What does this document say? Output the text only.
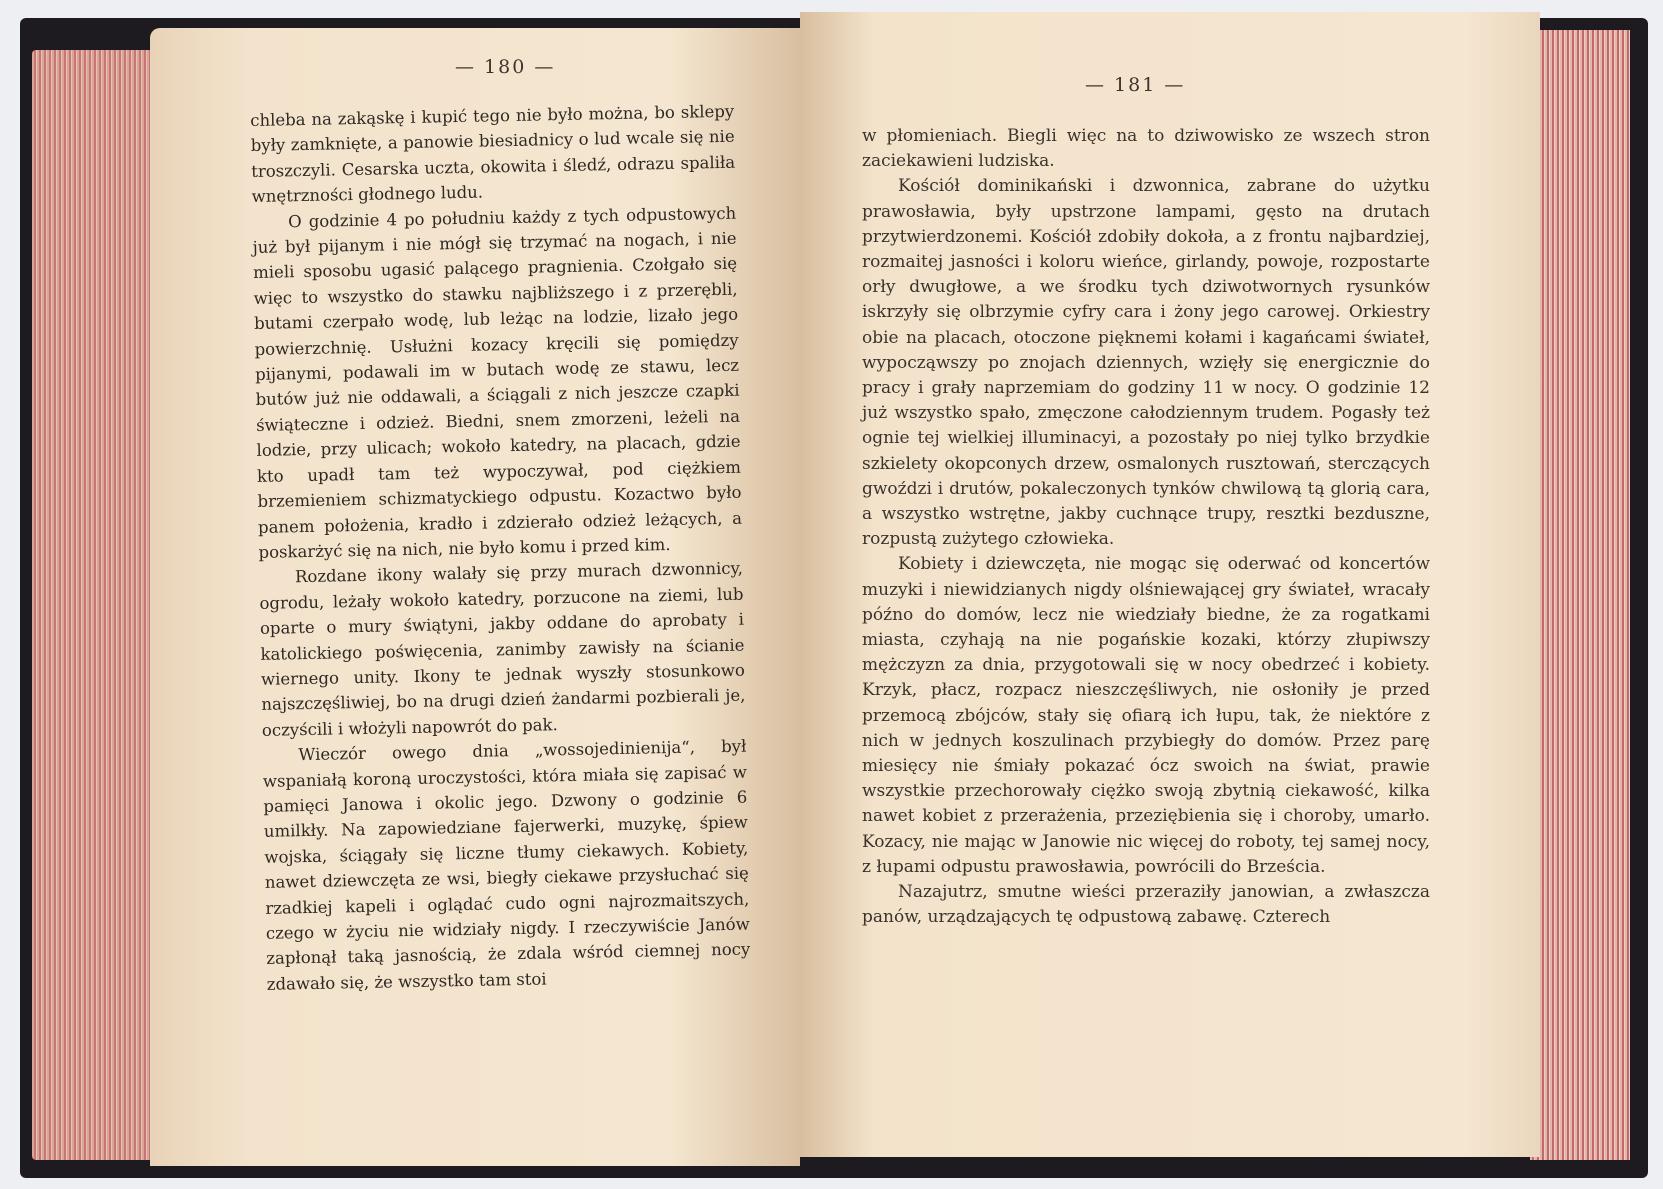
— 180 —

chleba na zakąskę i kupić tego nie było można, bo sklepy były zamknięte, a panowie biesiadnicy o lud wcale się nie troszczyli. Cesarska uczta, okowita i śledź, odrazu spaliła wnętrzności głodnego ludu.

O godzinie 4 po południu każdy z tych odpustowych już był pijanym i nie mógł się trzymać na nogach, i nie mieli sposobu ugasić palącego pragnienia. Czołgało się więc to wszystko do stawku najbliższego i z przerębli, butami czerpało wodę, lub leżąc na lodzie, lizało jego powierzchnię. Usłużni kozacy kręcili się pomiędzy pijanymi, podawali im w butach wodę ze stawu, lecz butów już nie oddawali, a ściągali z nich jeszcze czapki świąteczne i odzież. Biedni, snem zmorzeni, leżeli na lodzie, przy ulicach; wokoło katedry, na placach, gdzie kto upadł tam też wypoczywał, pod ciężkiem brzemieniem schizmatyckiego odpustu. Kozactwo było panem położenia, kradło i zdzierało odzież leżących, a poskarżyć się na nich, nie było komu i przed kim.

Rozdane ikony walały się przy murach dzwonnicy, ogrodu, leżały wokoło katedry, porzucone na ziemi, lub oparte o mury świątyni, jakby oddane do aprobaty i katolickiego poświęcenia, zanimby zawisły na ścianie wiernego unity. Ikony te jednak wyszły stosunkowo najszczęśliwiej, bo na drugi dzień żandarmi pozbierali je, oczyścili i włożyli napowrót do pak.

Wieczór owego dnia „wossojedinienija“, był wspaniałą koroną uroczystości, która miała się zapisać w pamięci Janowa i okolic jego. Dzwony o godzinie 6 umilkły. Na zapowiedziane fajerwerki, muzykę, śpiew wojska, ściągały się liczne tłumy ciekawych. Kobiety, nawet dziewczęta ze wsi, biegły ciekawe przysłuchać się rzadkiej kapeli i oglądać cudo ogni najrozmaitszych, czego w życiu nie widziały nigdy. I rzeczywiście Janów zapłonął taką jasnością, że zdala wśród ciemnej nocy zdawało się, że wszystko tam stoi

— 181 —

w płomieniach. Biegli więc na to dziwowisko ze wszech stron zaciekawieni ludziska.

Kościół dominikański i dzwonnica, zabrane do użytku prawosławia, były upstrzone lampami, gęsto na drutach przytwierdzonemi. Kościół zdobiły dokoła, a z frontu najbardziej, rozmaitej jasności i koloru wieńce, girlandy, powoje, rozpostarte orły dwugłowe, a we środku tych dziwotwornych rysunków iskrzyły się olbrzymie cyfry cara i żony jego carowej. Orkiestry obie na placach, otoczone pięknemi kołami i kagańcami świateł, wypocząwszy po znojach dziennych, wzięły się energicznie do pracy i grały naprzemiam do godziny 11 w nocy. O godzinie 12 już wszystko spało, zmęczone całodziennym trudem. Pogasły też ognie tej wielkiej illuminacyi, a pozostały po niej tylko brzydkie szkielety okopconych drzew, osmalonych rusztowań, sterczących gwoździ i drutów, pokaleczonych tynków chwilową tą glorią cara, a wszystko wstrętne, jakby cuchnące trupy, resztki bezduszne, rozpustą zużytego człowieka.

Kobiety i dziewczęta, nie mogąc się oderwać od koncertów muzyki i niewidzianych nigdy olśniewającej gry świateł, wracały późno do domów, lecz nie wiedziały biedne, że za rogatkami miasta, czyhają na nie pogańskie kozaki, którzy złupiwszy mężczyzn za dnia, przygotowali się w nocy obedrzeć i kobiety. Krzyk, płacz, rozpacz nieszczęśliwych, nie osłoniły je przed przemocą zbójców, stały się ofiarą ich łupu, tak, że niektóre z nich w jednych koszulinach przybiegły do domów. Przez parę miesięcy nie śmiały pokazać ócz swoich na świat, prawie wszystkie przechorowały ciężko swoją zbytnią ciekawość, kilka nawet kobiet z przerażenia, przeziębienia się i choroby, umarło. Kozacy, nie mając w Janowie nic więcej do roboty, tej samej nocy, z łupami odpustu prawosławia, powrócili do Brześcia.

Nazajutrz, smutne wieści przeraziły janowian, a zwłaszcza panów, urządzających tę odpustową zabawę. Czterech
